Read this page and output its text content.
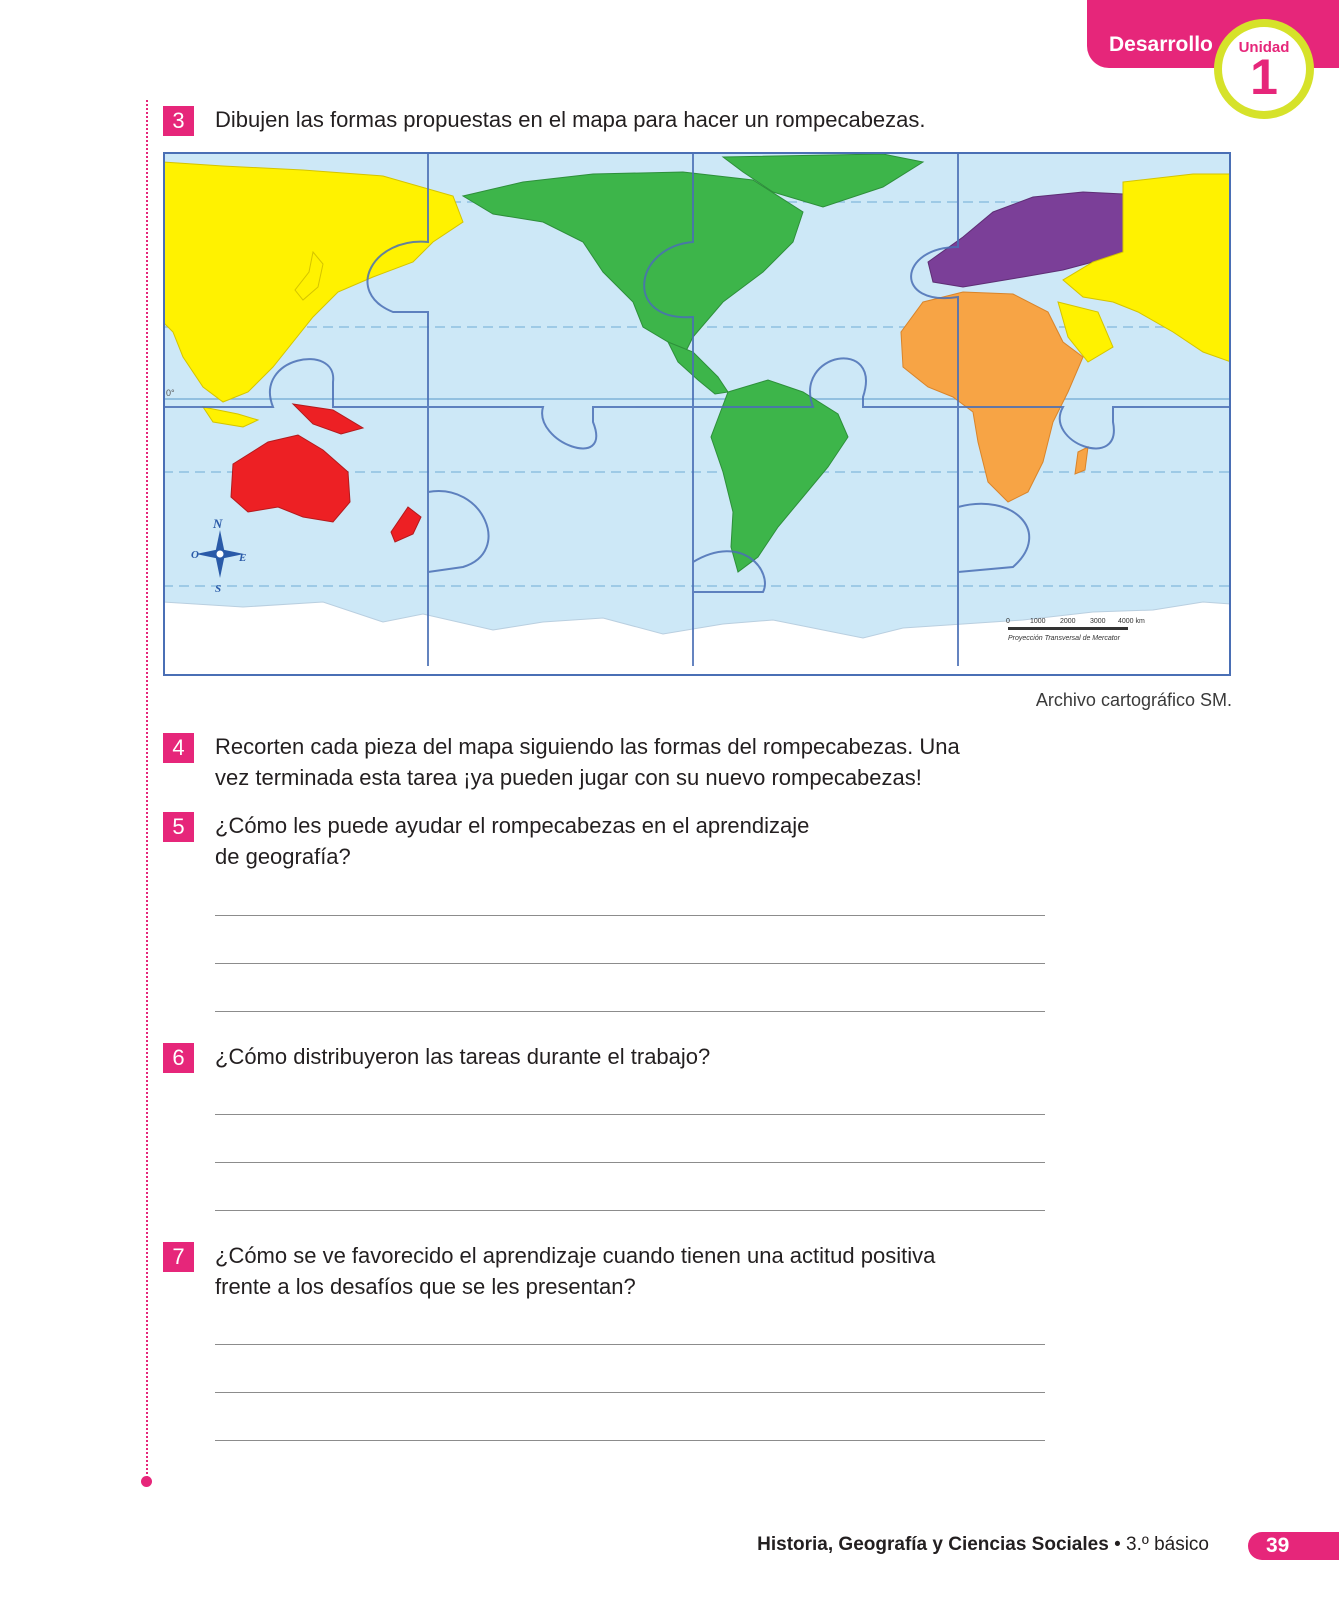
Desarrollo	Unidad
1
3	Dibujen las formas propuestas en el mapa para hacer un rompecabezas.
0°
N
S
E
O
0	1000 2000 3000 4000 km
Proyección Transversal de Mercator
Archivo cartográfico SM.
4	Recorten cada pieza del mapa siguiendo las formas del rompecabezas. Una
vez terminada esta tarea ¡ya pueden jugar con su nuevo rompecabezas!
5	¿Cómo les puede ayudar el rompecabezas en el aprendizaje
de geografía?
6	¿Cómo distribuyeron las tareas durante el trabajo?
7	¿Cómo se ve favorecido el aprendizaje cuando tienen una actitud positiva
frente a los desafíos que se les presentan?
Historia, Geografía y Ciencias Sociales • 3.º básico	39
